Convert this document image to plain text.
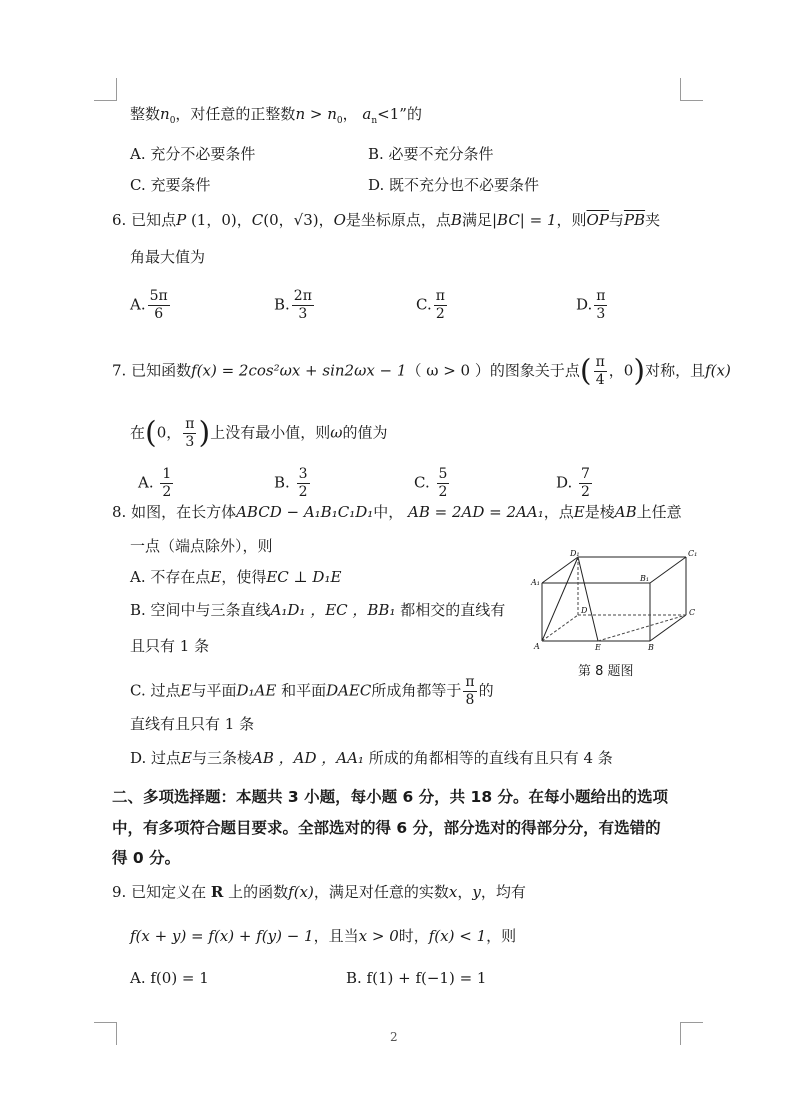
整数$n_0$，对任意的正整数$n > n_0$， $a_n<1$”的
A. 充分不必要条件	B. 必要不充分条件
C. 充要条件	D. 既不充分也不必要条件
6. 已知点P (1，0)，C(0，√3)，O是坐标原点，点B满足|BC| = 1，则$\overline{OP}$与$\overline{PB}$夹
角最大值为
A. $\frac{5\pi}{6}$	B. $\frac{2\pi}{3}$	C. $\frac{\pi}{2}$	D. $\frac{\pi}{3}$
7. 已知函数f(x) = 2cos²ωx + sin2ωx − 1（ ω > 0 ）的图象关于点( $\frac{\pi}{4}$ ，0)对称，且f(x)
在(0， $\frac{\pi}{3}$ )上没有最小值，则ω的值为
A. $\frac{1}{2}$	B. $\frac{3}{2}$	C. $\frac{5}{2}$	D. $\frac{7}{2}$
8. 如图，在长方体ABCD − A₁B₁C₁D₁中， AB = 2AD = 2AA₁，点E是棱AB上任意
一点（端点除外），则
A. 不存在点E，使得EC ⊥ D₁E
B. 空间中与三条直线A₁D₁ ，EC ，BB₁ 都相交的直线有
且只有 1 条
C. 过点E与平面D₁AE 和平面DAEC所成角都等于 $\frac{\pi}{8}$ 的
直线有且只有 1 条
D. 过点E与三条棱AB ，AD ，AA₁ 所成的角都相等的直线有且只有 4 条
D₁	C₁
A₁	B₁
D	C
A	E	B
第 8 题图
二、多项选择题：本题共 3 小题，每小题 6 分，共 18 分。在每小题给出的选项
中，有多项符合题目要求。全部选对的得 6 分，部分选对的得部分分，有选错的
得 0 分。
9. 已知定义在 R 上的函数f(x)，满足对任意的实数x，y，均有
f(x + y) = f(x) + f(y) − 1，且当x > 0时，f(x) < 1，则
A. f(0) = 1	B. f(1) + f(−1) = 1
2
